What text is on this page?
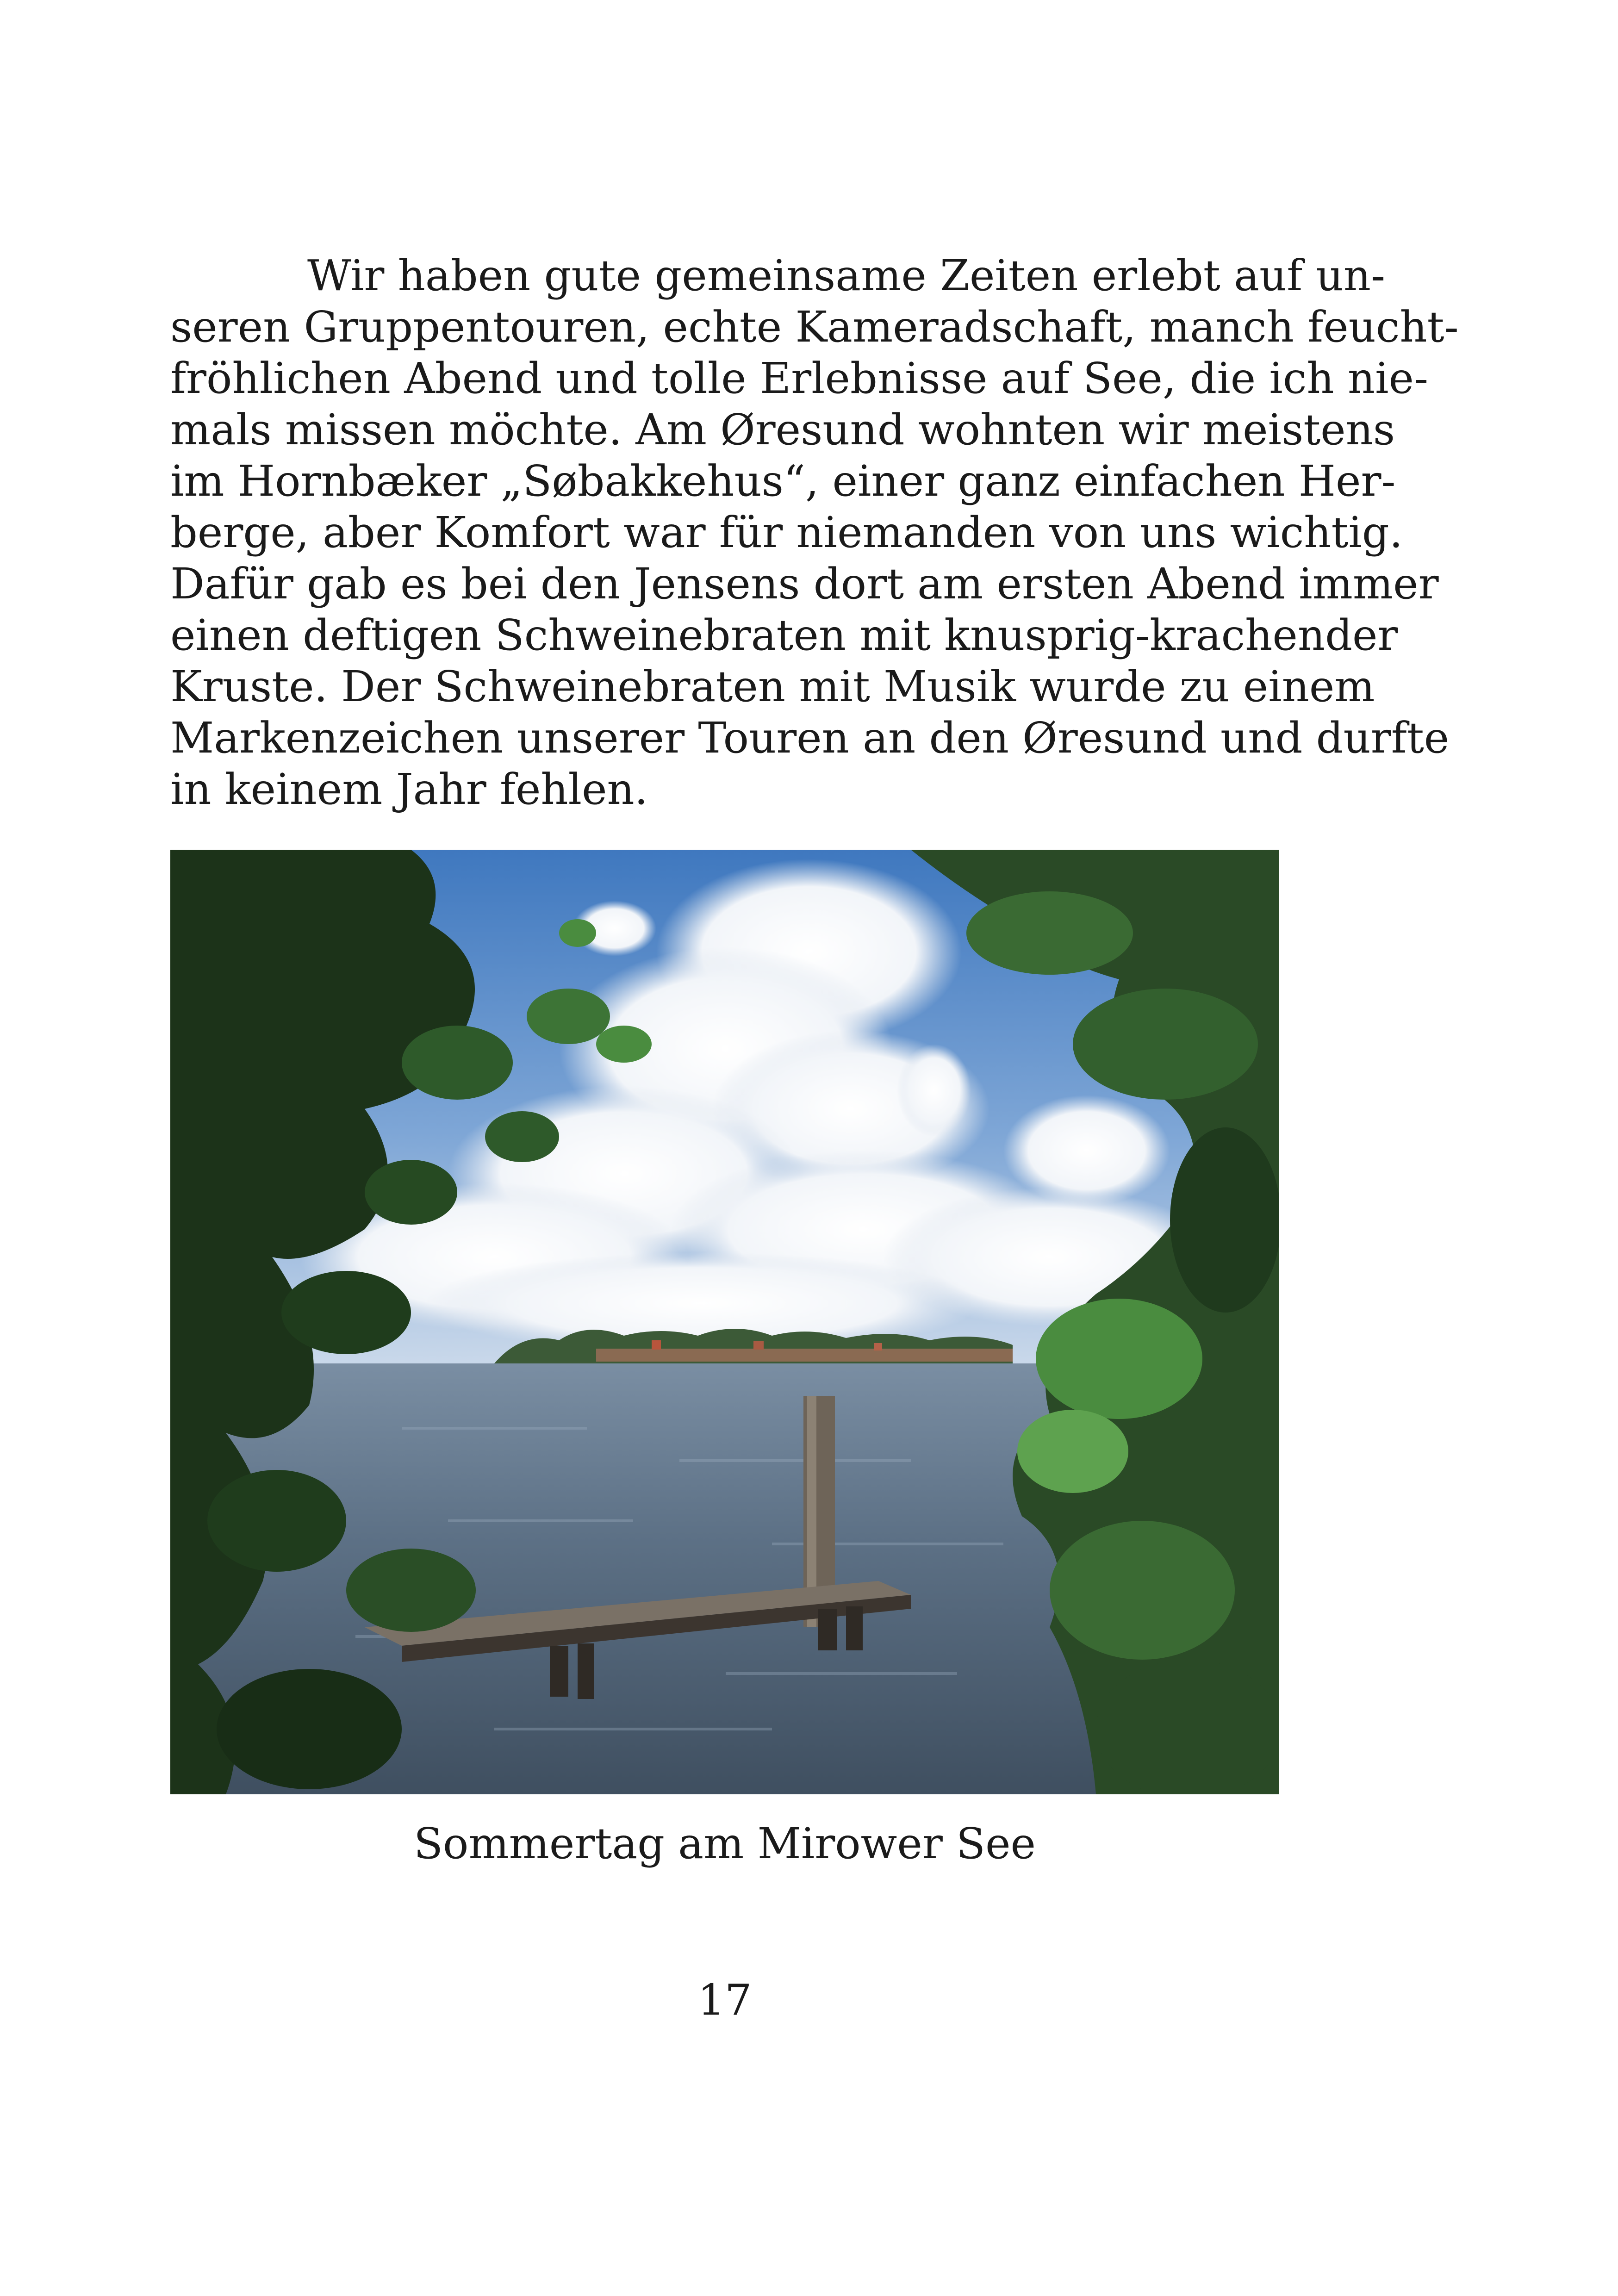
Wir haben gute gemeinsame Zeiten erlebt auf un-
seren Gruppentouren, echte Kameradschaft, manch feucht-
fröhlichen Abend und tolle Erlebnisse auf See, die ich nie-
mals missen möchte. Am Øresund wohnten wir meistens
im Hornbæker „Søbakkehus“, einer ganz einfachen Her-
berge, aber Komfort war für niemanden von uns wichtig.
Dafür gab es bei den Jensens dort am ersten Abend immer
einen deftigen Schweinebraten mit knusprig-krachender
Kruste. Der Schweinebraten mit Musik wurde zu einem
Markenzeichen unserer Touren an den Øresund und durfte
in keinem Jahr fehlen.
Sommertag am Mirower See
17
